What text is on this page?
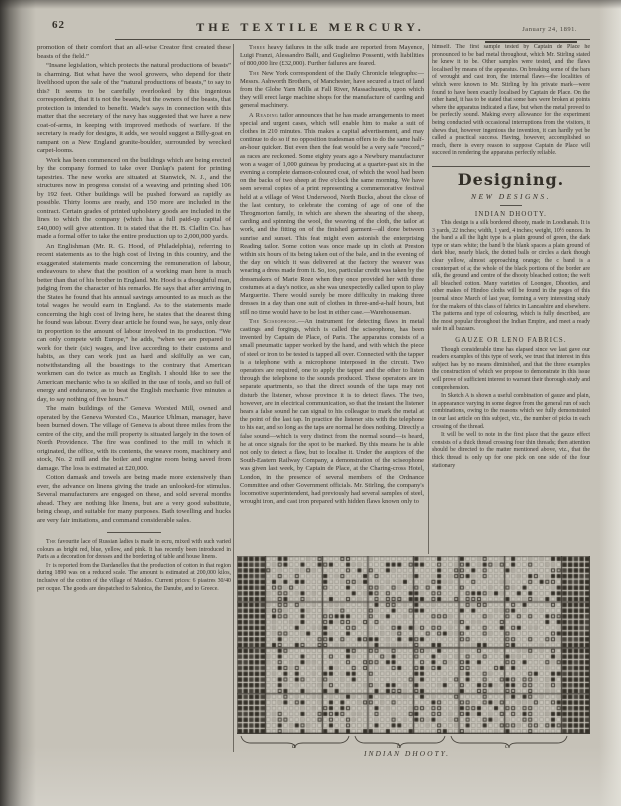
62	THE TEXTILE MERCURY.	January 24, 1891.

promotion of their comfort that an all-wise Creator first created these beasts of the field.”

“Insane legislation, which protects the natural productions of beasts” is charming. But what have the wool growers, who depend for their livelihood upon the sale of the “natural productions of beasts,” to say to this? It seems to be carefully overlooked by this ingenious correspondent, that it is not the beasts, but the owners of the beasts, that protection is intended to benefit. Wade's says in connection with this matter that the secretary of the navy has suggested that we have a new coat-of-arms, in keeping with improved methods of warfare. If the secretary is ready for designs, it adds, we would suggest a Billy-goat en rampant on a New England granite-boulder, surrounded by wrecked carpet-looms.

Work has been commenced on the buildings which are being erected by the company formed to take over Dunlap's patent for printing tapestries. The new works are situated at Stanwick, N. J., and the structures now in progress consist of a weaving and printing shed 106 by 192 feet. Other buildings will be pushed forward as rapidly as possible. Thirty looms are ready, and 150 more are included in the contract. Certain grades of printed upholstery goods are included in the lines to which the company (which has a full paid-up capital of £40,000) will give attention. It is stated that the H. B. Claflin Co. has made a formal offer to take the entire production up to 2,000,000 yards.

An Englishman (Mr. R. G. Hood, of Philadelphia), referring to recent statements as to the high cost of living in this country, and the exaggerated statements made concerning the remuneration of labour, endeavours to shew that the position of a working man here is much better than that of his brother in England. Mr. Hood is a thoughtful man, judging from the character of his remarks. He says that after arriving in the States he found that his annual savings amounted to as much as the total wages he would earn in England. As to the statements made concerning the high cost of living here, he states that the dearest thing he found was labour. Every dear article he found was, he says, only dear in proportion to the amount of labour involved in its production. “We can only compete with Europe,” he adds, “when we are prepared to work for their (sic) wages, and live according to their customs and habits, as they can work just as hard and skilfully as we can, notwithstanding all the boastings to the contrary that American workmen can do twice as much as English. I should like to see the American mechanic who is so skilled in the use of tools, and so full of energy and endurance, as to beat the English mechanic five minutes a day, to say nothing of five hours.”

The main buildings of the Geneva Worsted Mill, owned and operated by the Geneva Worsted Co., Maurice Uhlman, manager, have been burned down. The village of Geneva is about three miles from the centre of the city, and the mill property is situated largely in the town of North Providence. The fire was confined to the mill in which it originated, the office, with its contents, the weave room, machinery and stock, No. 2 mill and the boiler and engine room being saved from damage. The loss is estimated at £20,000.

Cotton damask and towels are being made more extensively than ever, the advance on linens giving the trade an unlooked-for stimulus. Several manufacturers are engaged on these, and sold several months ahead. They are nothing like linens, but are a very good substitute, being cheap, and suitable for many purposes. Bath towelling and hucks are very fair imitations, and command considerable sales.

The favourite lace of Russian ladies is made in ecru, mixed with such varied colours as bright red, blue, yellow, and pink. It has recently been introduced in Paris as a decoration for dresses and the bordering of table and house linens.

It is reported from the Dardanelles that the production of cotton in that region during 1890 was on a reduced scale. The amount is estimated at 200,000 kilos, inclusive of the cotton of the village of Maidos. Current prices: 6 piastres 30/40 per ocque. The goods are despatched to Salonica, the Danube, and to Greece.

Three heavy failures in the silk trade are reported from Mayence, Luigi Franzi, Alessandro Balli, and Guglielmo Possenti, with liabilities of 800,000 lire (£32,000). Further failures are feared.

The New York correspondent of the Daily Chronicle telegraphs:—Messrs. Ashworth Brothers, of Manchester, have secured a tract of land from the Globe Yarn Mills at Fall River, Massachusetts, upon which they will erect large machine shops for the manufacture of carding and general machinery.

A Reading tailor announces that he has made arrangements to meet special and urgent cases, which will enable him to make a suit of clothes in 210 minutes. This makes a capital advertisement, and may continue to do so if no opposition tradesman offers to do the same half-an-hour quicker. But even then the feat would be a very safe “record,” as races are reckoned. Some eighty years ago a Newbury manufacturer won a wager of 1,000 guineas by producing at a quarter-past six in the evening a complete damson-coloured coat, of which the wool had been on the backs of two sheep at five o'clock the same morning. We have seen several copies of a print representing a commemorative festival held at a village of West Underwood, North Bucks, about the close of the last century, to celebrate the coming of age of one of the Throgmorton family, in which are shewn the shearing of the sheep, carding and spinning the wool, the weaving of the cloth, the tailor at work, and the fitting on of the finished garment—all done between sunrise and sunset. This feat might even astonish the enterprising Reading tailor. Some cotton was once made up in cloth at Preston within six hours of its being taken out of the bale, and in the evening of the day on which it was delivered at the factory the weaver was wearing a dress made from it. So, too, particular credit was taken by the dressmakers of Marie Roze when they once provided her with three costumes at a day's notice, as she was unexpectedly called upon to play Marguerite. There would surely be more difficulty in making three dresses in a day than one suit of clothes in three-and-a-half hours, but still no time would have to be lost in either case.—Warehouseman.

The Sciseophone.—An instrument for detecting flaws in metal castings and forgings, which is called the sciseophone, has been invented by Captain de Place, of Paris. The apparatus consists of a small pneumatic tapper worked by the hand, and with which the piece of steel or iron to be tested is tapped all over. Connected with the tapper is a telephone with a microphone interposed in the circuit. Two operators are required, one to apply the tapper and the other to listen through the telephone to the sounds produced. These operators are in separate apartments, so that the direct sounds of the taps may not disturb the listener, whose province it is to detect flaws. The two, however, are in electrical communication, so that the instant the listener hears a false sound he can signal to his colleague to mark the metal at the point of the last tap. In practice the listener sits with the telephone to his ear, and so long as the taps are normal he does nothing. Directly a false sound—which is very distinct from the normal sound—is heard, he at once signals for the spot to be marked. By this means he is able not only to detect a flaw, but to localise it. Under the auspices of the South-Eastern Railway Company, a demonstration of the sciseophone was given last week, by Captain de Place, at the Charing-cross Hotel, London, in the presence of several members of the Ordnance Committee and other Government officials. Mr. Stirling, the company's locomotive superintendent, had previously had several samples of steel, wrought iron, and cast iron prepared with hidden flaws known only to

himself. The first sample tested by Captain de Place he pronounced to be bad metal throughout, which Mr. Stirling stated he knew it to be. Other samples were tested, and the flaws localised by means of the apparatus. On breaking some of the bars of wrought and cast iron, the internal flaws—the localities of which were known to Mr. Stirling by his private mark—were found to have been exactly localised by Captain de Place. On the other hand, it has to be stated that some bars were broken at points where the apparatus indicated a flaw, but when the metal proved to be perfectly sound. Making every allowance for the experiment being conducted with occasional interruptions from the visitors, it shews that, however ingenious the invention, it can hardly yet be called a practical success. Having, however, accomplished so much, there is every reason to suppose Captain de Place will succeed in rendering the apparatus perfectly reliable.

Designing.

NEW DESIGNS.

INDIAN DHOOTY.

This design is a silk bordered dhooty, made in Loodianah. It is 3 yards, 22 inches; width, 1 yard, 4 inches; weight, 10½ ounces. In the band a all the light type is a plain ground of green, the dark type or stars white; the band b the blank spaces a plain ground of dark blue, nearly black, the dotted balls or circles a dark though clear yellow, almost approaching orange; the c band is a counterpart of a; the whole of the black portions of the border are silk, the ground and centre of the dhooty bleached cotton; the weft all bleached cotton. Many varieties of Loongee, Dhooties, and other makes of Hindoo cloths will be found in the pages of this journal since March of last year, forming a very interesting study for the makers of this class of fabrics in Lancashire and elsewhere. The patterns and type of colouring, which is fully described, are the most popular throughout the Indian Empire, and meet a ready sale in all bazaars.

GAUZE OR LENO FABRICS.

Though considerable time has elapsed since we last gave our readers examples of this type of work, we trust that interest in this subject has by no means diminished, and that the three examples the construction of which we propose to demonstrate in this issue will prove of sufficient interest to warrant their thorough study and comprehension.

In Sketch A is shown a useful combination of gauze and plain, in appearance varying in some degree from the general run of such combinations, owing to the reasons which we fully demonstrated in our last article on this subject, viz., the number of picks in each crossing of the thread.

It will be well to note in the first place that the gauze effect consists of a thick thread crossing four thin threads; then attention should be directed to the matter mentioned above, viz., that the thick thread is only up for one pick on one side of the four stationary

a	b	c
INDIAN DHOOTY.
